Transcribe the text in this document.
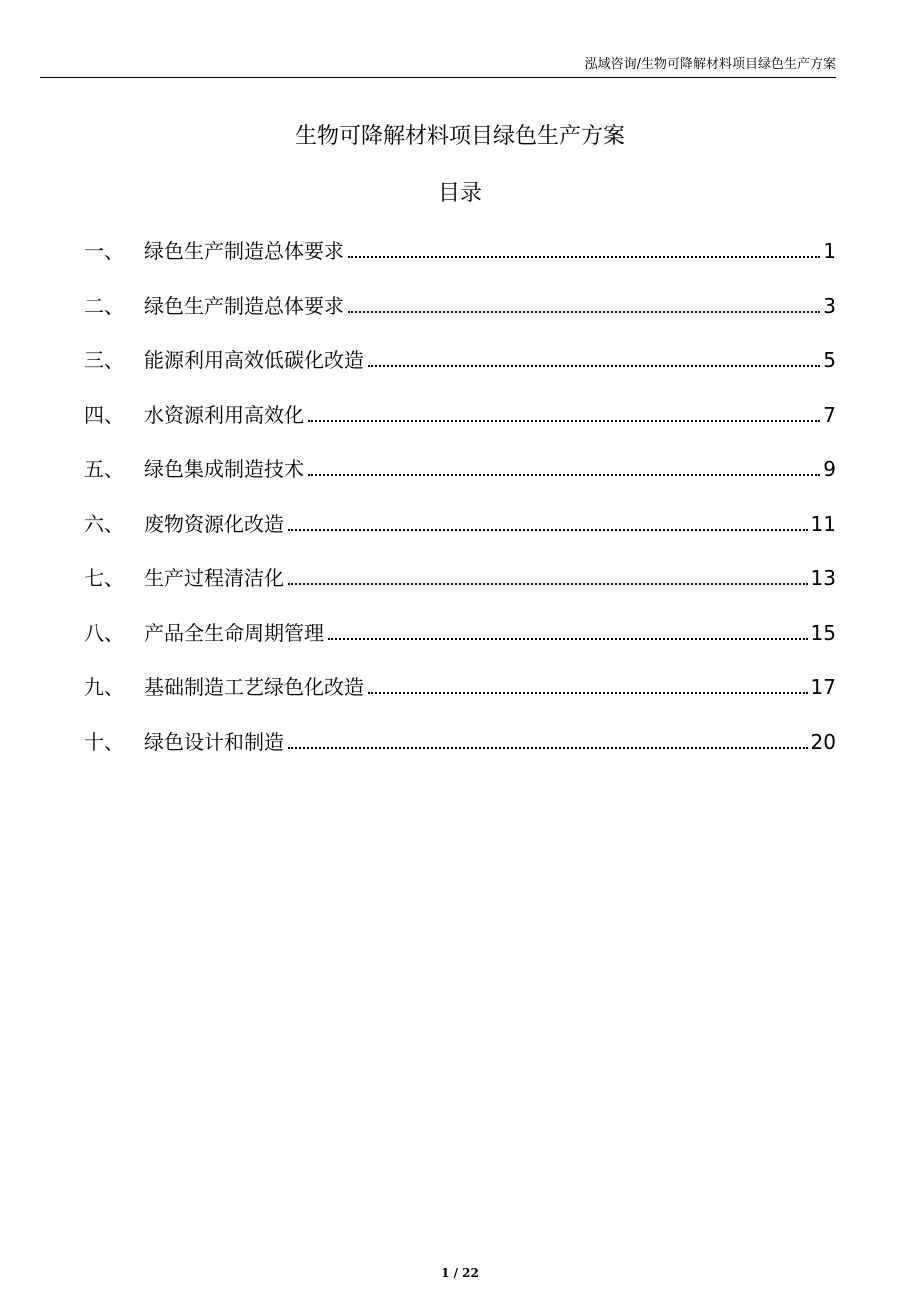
泓域咨询/生物可降解材料项目绿色生产方案
生物可降解材料项目绿色生产方案
目录
一、	绿色生产制造总体要求	1
二、	绿色生产制造总体要求	3
三、	能源利用高效低碳化改造	5
四、	水资源利用高效化	7
五、	绿色集成制造技术	9
六、	废物资源化改造	11
七、	生产过程清洁化	13
八、	产品全生命周期管理	15
九、	基础制造工艺绿色化改造	17
十、	绿色设计和制造	20
1 / 22
